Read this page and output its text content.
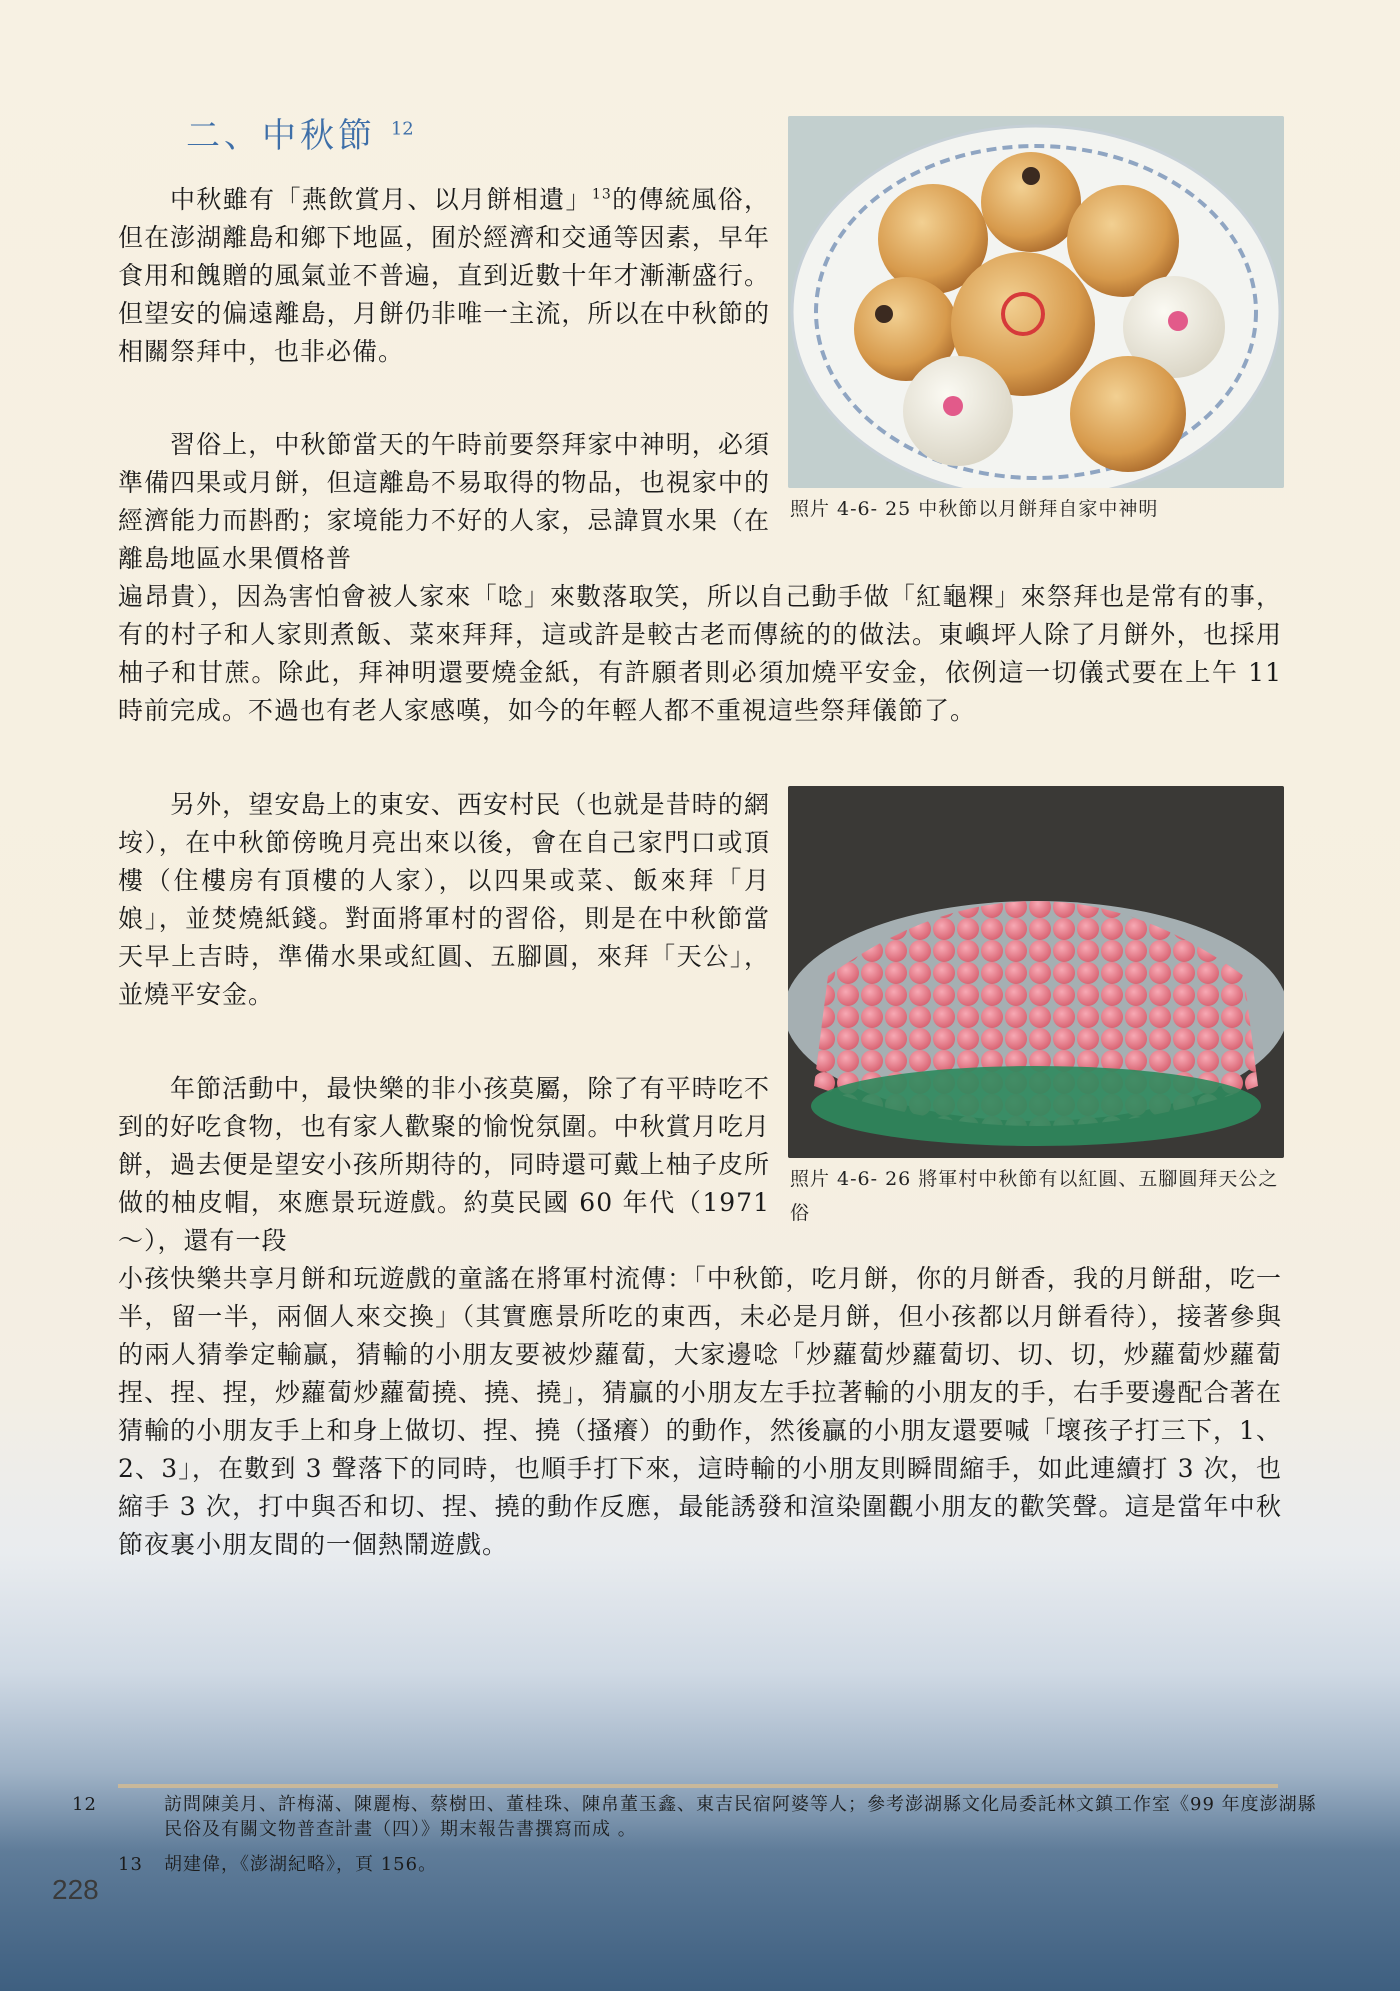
二、中秋節 $^{12}$

中秋雖有「燕飲賞月、以月餅相遺」$^{13}$的傳統風俗，但在澎湖離島和鄉下地區，囿於經濟和交通等因素，早年食用和餽贈的風氣並不普遍，直到近數十年才漸漸盛行。但望安的偏遠離島，月餅仍非唯一主流，所以在中秋節的相關祭拜中，也非必備。

習俗上，中秋節當天的午時前要祭拜家中神明，必須準備四果或月餅，但這離島不易取得的物品，也視家中的經濟能力而斟酌；家境能力不好的人家，忌諱買水果（在離島地區水果價格普

遍昂貴），因為害怕會被人家來「唸」來數落取笑，所以自己動手做「紅龜粿」來祭拜也是常有的事，有的村子和人家則煮飯、菜來拜拜，這或許是較古老而傳統的的做法。東嶼坪人除了月餅外，也採用柚子和甘蔗。除此，拜神明還要燒金紙，有許願者則必須加燒平安金，依例這一切儀式要在上午 11 時前完成。不過也有老人家感嘆，如今的年輕人都不重視這些祭拜儀節了。

另外，望安島上的東安、西安村民（也就是昔時的網垵），在中秋節傍晚月亮出來以後，會在自己家門口或頂樓（住樓房有頂樓的人家），以四果或菜、飯來拜「月娘」，並焚燒紙錢。對面將軍村的習俗，則是在中秋節當天早上吉時，準備水果或紅圓、五腳圓，來拜「天公」，並燒平安金。

年節活動中，最快樂的非小孩莫屬，除了有平時吃不到的好吃食物，也有家人歡聚的愉悅氛圍。中秋賞月吃月餅，過去便是望安小孩所期待的，同時還可戴上柚子皮所做的柚皮帽，來應景玩遊戲。約莫民國 60 年代（1971～），還有一段

小孩快樂共享月餅和玩遊戲的童謠在將軍村流傳：「中秋節，吃月餅，你的月餅香，我的月餅甜，吃一半，留一半，兩個人來交換」（其實應景所吃的東西，未必是月餅，但小孩都以月餅看待），接著參與的兩人猜拳定輸贏，猜輸的小朋友要被炒蘿蔔，大家邊唸「炒蘿蔔炒蘿蔔切、切、切，炒蘿蔔炒蘿蔔捏、捏、捏，炒蘿蔔炒蘿蔔撓、撓、撓」，猜贏的小朋友左手拉著輸的小朋友的手，右手要邊配合著在猜輸的小朋友手上和身上做切、捏、撓（搔癢）的動作，然後贏的小朋友還要喊「壞孩子打三下，1、2、3」，在數到 3 聲落下的同時，也順手打下來，這時輸的小朋友則瞬間縮手，如此連續打 3 次，也縮手 3 次，打中與否和切、捏、撓的動作反應，最能誘發和渲染圍觀小朋友的歡笑聲。這是當年中秋節夜裏小朋友間的一個熱鬧遊戲。

照片 4-6- 25 中秋節以月餅拜自家中神明

照片 4-6- 26 將軍村中秋節有以紅圓、五腳圓拜天公之俗

12	訪問陳美月、許梅滿、陳麗梅、蔡樹田、董桂珠、陳帛董玉鑫、東吉民宿阿婆等人；參考澎湖縣文化局委託林文鎮工作室《99 年度澎湖縣民俗及有關文物普查計畫（四）》期末報告書撰寫而成 。

13 胡建偉，《澎湖紀略》，頁 156。

228
